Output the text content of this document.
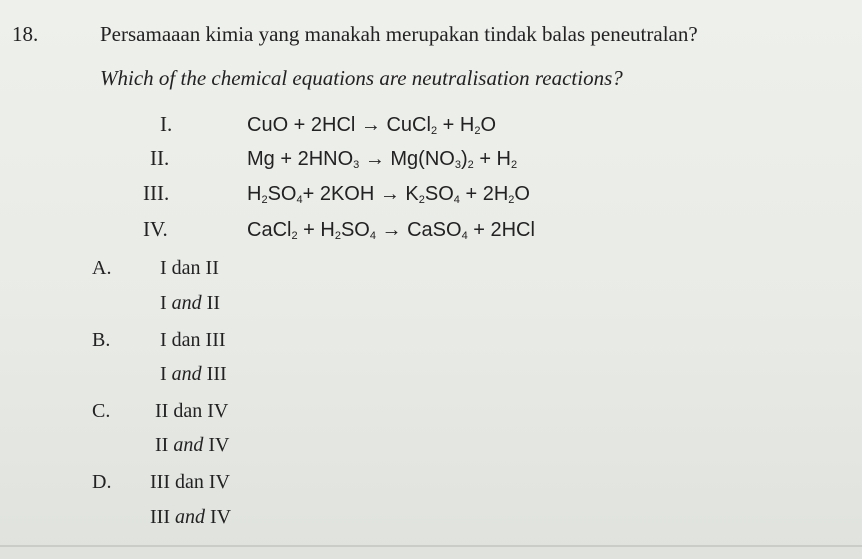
18.	Persamaaan kimia yang manakah merupakan tindak balas peneutralan?
Which of the chemical equations are neutralisation reactions?
I.	CuO + 2HCl → CuCl$_2$ + $H_2O$
II.	$Mg + 2HNO_3 \to Mg(NO_3)_2 + H_2$
III.	$H_2SO_4+ 2KOH \to K_2SO_4 + 2H_2O$
IV.	CaCl$_2$ + $H_2SO_4$ → CaSO$_4$ + 2HCl
A. I dan II
I and II
B. I dan III
I and III
C. II dan IV
II and IV
D. III dan IV
III and IV
